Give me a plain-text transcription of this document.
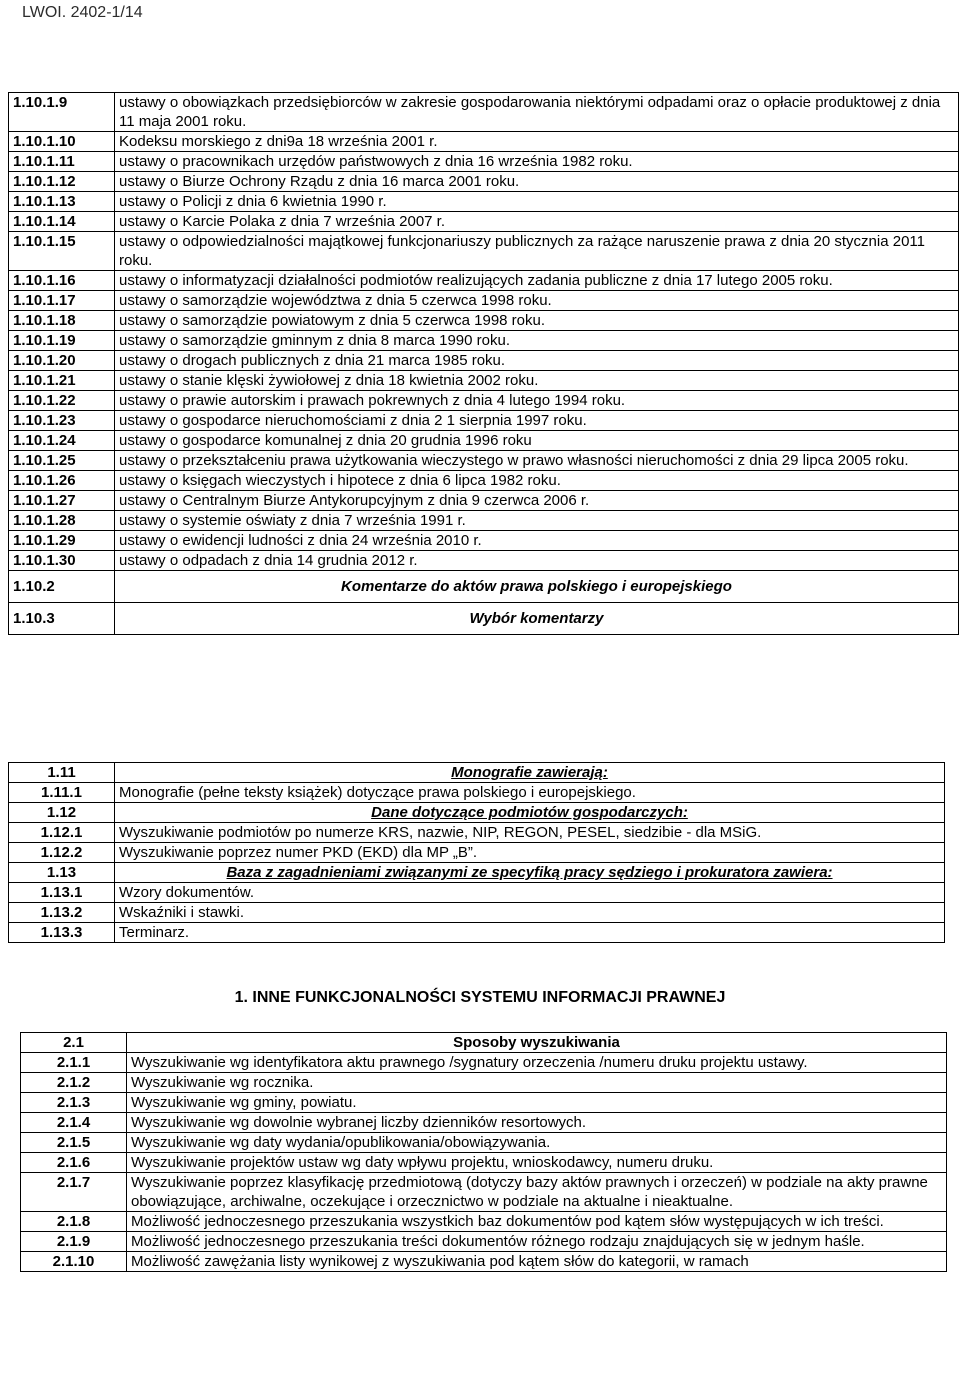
LWOI. 2402-1/14
1.10.1.9	ustawy o obowiązkach przedsiębiorców w zakresie gospodarowania niektórymi odpadami oraz o opłacie produktowej z dnia 11 maja 2001 roku.
1.10.1.10	Kodeksu morskiego z dni9a 18 września 2001 r.
1.10.1.11	ustawy o pracownikach urzędów państwowych z dnia 16 września 1982 roku.
1.10.1.12	ustawy o Biurze Ochrony Rządu z dnia 16 marca 2001 roku.
1.10.1.13	ustawy o Policji z dnia 6 kwietnia 1990 r.
1.10.1.14	ustawy o Karcie Polaka z dnia 7 września 2007 r.
1.10.1.15	ustawy o odpowiedzialności majątkowej funkcjonariuszy publicznych za rażące naruszenie prawa z dnia 20 stycznia 2011 roku.
1.10.1.16	ustawy o informatyzacji działalności podmiotów realizujących zadania publiczne z dnia 17 lutego 2005 roku.
1.10.1.17	ustawy o samorządzie województwa z dnia 5 czerwca 1998 roku.
1.10.1.18	ustawy o samorządzie powiatowym z dnia 5 czerwca 1998 roku.
1.10.1.19	ustawy o samorządzie gminnym z dnia 8 marca 1990 roku.
1.10.1.20	ustawy o drogach publicznych z dnia 21 marca 1985 roku.
1.10.1.21	ustawy o stanie klęski żywiołowej z dnia 18 kwietnia 2002 roku.
1.10.1.22	ustawy o prawie autorskim i prawach pokrewnych z dnia 4 lutego 1994 roku.
1.10.1.23	ustawy o gospodarce nieruchomościami z dnia 2 1 sierpnia 1997 roku.
1.10.1.24	ustawy o gospodarce komunalnej z dnia 20 grudnia 1996 roku
1.10.1.25	ustawy o przekształceniu prawa użytkowania wieczystego w prawo własności nieruchomości z dnia 29 lipca 2005 roku.
1.10.1.26	ustawy o księgach wieczystych i hipotece z dnia 6 lipca 1982 roku.
1.10.1.27	ustawy o Centralnym Biurze Antykorupcyjnym z dnia 9 czerwca 2006 r.
1.10.1.28	ustawy o systemie oświaty z dnia 7 września 1991 r.
1.10.1.29	ustawy o ewidencji ludności z dnia 24 września 2010 r.
1.10.1.30	ustawy o odpadach z dnia 14 grudnia 2012 r.
1.10.2	Komentarze do aktów prawa polskiego i europejskiego
1.10.3	Wybór komentarzy
1.11	Monografie zawierają:
1.11.1	Monografie (pełne teksty książek) dotyczące prawa polskiego i europejskiego.
1.12	Dane dotyczące podmiotów gospodarczych:
1.12.1	Wyszukiwanie podmiotów po numerze KRS, nazwie, NIP, REGON, PESEL, siedzibie - dla MSiG.
1.12.2	Wyszukiwanie poprzez numer PKD (EKD) dla MP „B”.
1.13	Baza z zagadnieniami związanymi ze specyfiką pracy sędziego i prokuratora zawiera:
1.13.1	Wzory dokumentów.
1.13.2	Wskaźniki i stawki.
1.13.3	Terminarz.
1. INNE FUNKCJONALNOŚCI SYSTEMU INFORMACJI PRAWNEJ
2.1	Sposoby wyszukiwania
2.1.1	Wyszukiwanie wg identyfikatora aktu prawnego /sygnatury orzeczenia /numeru druku projektu ustawy.
2.1.2	Wyszukiwanie wg rocznika.
2.1.3	Wyszukiwanie wg gminy, powiatu.
2.1.4	Wyszukiwanie wg dowolnie wybranej liczby dzienników resortowych.
2.1.5	Wyszukiwanie wg daty wydania/opublikowania/obowiązywania.
2.1.6	Wyszukiwanie projektów ustaw wg daty wpływu projektu, wnioskodawcy, numeru druku.
2.1.7	Wyszukiwanie poprzez klasyfikację przedmiotową (dotyczy bazy aktów prawnych i orzeczeń) w podziale na akty prawne obowiązujące, archiwalne, oczekujące i orzecznictwo w podziale na aktualne i nieaktualne.
2.1.8	Możliwość jednoczesnego przeszukania wszystkich baz dokumentów pod kątem słów występujących w ich treści.
2.1.9	Możliwość jednoczesnego przeszukania treści dokumentów różnego rodzaju znajdujących się w jednym haśle.
2.1.10	Możliwość zawężania listy wynikowej z wyszukiwania pod kątem słów do kategorii, w ramach
